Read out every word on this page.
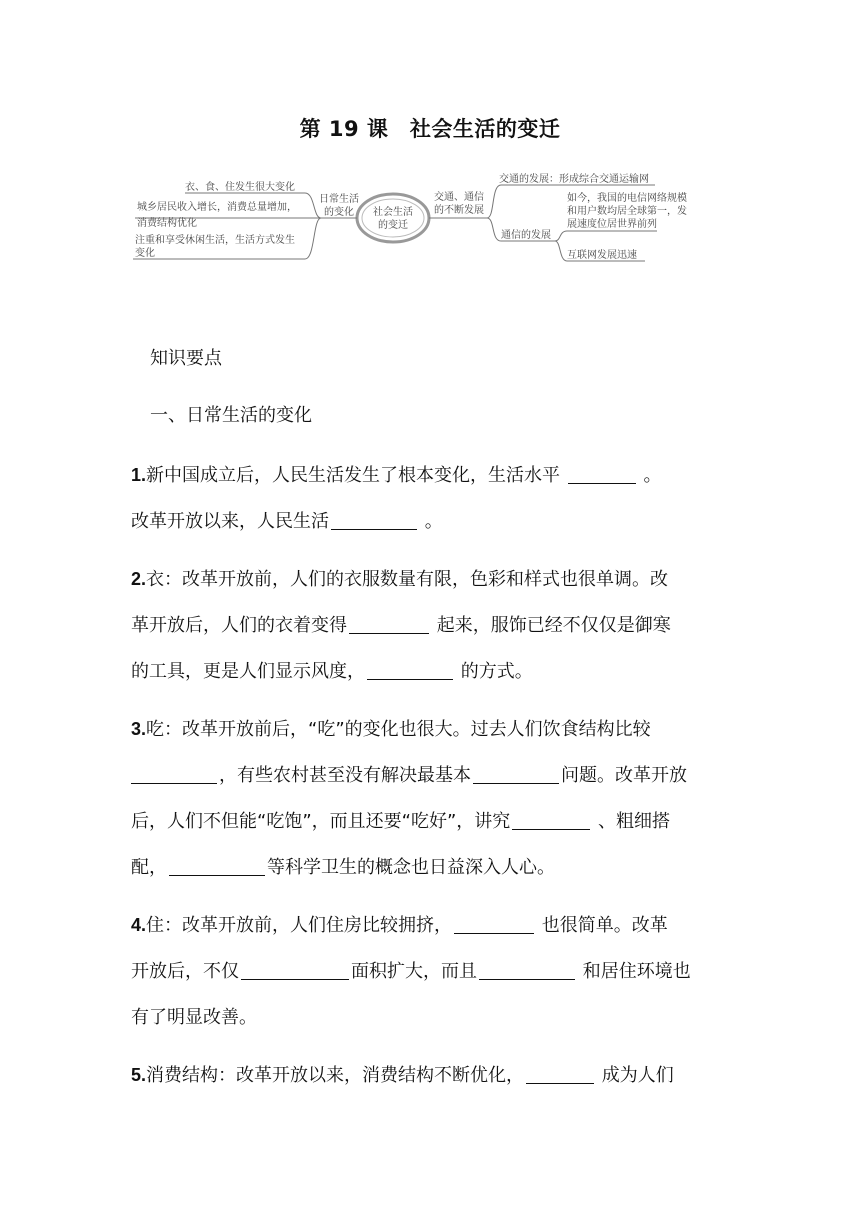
第 19 课　社会生活的变迁
社会生活
的变迁
日常生活
的变化
衣、食、住发生很大变化
城乡居民收入增长，消费总量增加，
消费结构优化
注重和享受休闲生活，生活方式发生
变化
交通、通信
的不断发展
交通的发展：形成综合交通运输网
通信的发展
如今，我国的电信网络规模
和用户数均居全球第一，发
展速度位居世界前列
互联网发展迅速
知识要点
一、日常生活的变化
1.新中国成立后，人民生活发生了根本变化，生活水平	。
改革开放以来，人民生活	。
2.衣：改革开放前，人们的衣服数量有限，色彩和样式也很单调。改
革开放后，人们的衣着变得	起来，服饰已经不仅仅是御寒
的工具，更是人们显示风度，	的方式。
3.吃：改革开放前后，“吃”的变化也很大。过去人们饮食结构比较
，有些农村甚至没有解决最基本	问题。改革开放
后，人们不但能“吃饱”，而且还要“吃好”，讲究	、粗细搭
配，	等科学卫生的概念也日益深入人心。
4.住：改革开放前，人们住房比较拥挤，	也很简单。改革
开放后，不仅	面积扩大，而且	和居住环境也
有了明显改善。
5.消费结构：改革开放以来，消费结构不断优化，	成为人们
